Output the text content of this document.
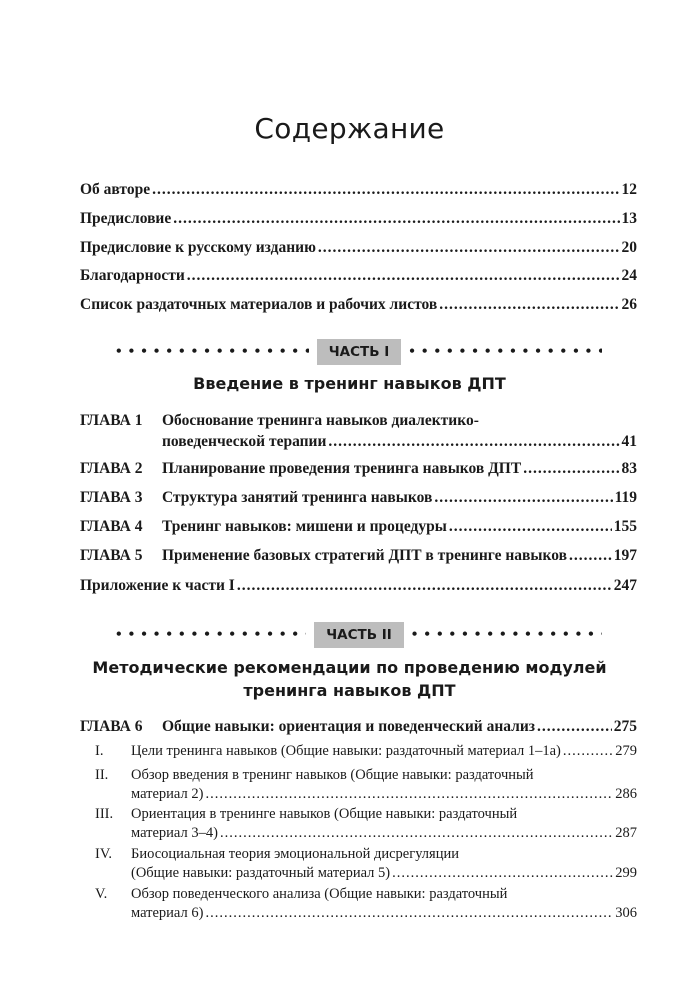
Содержание
Об авторе .....	12
Предисловие .....	13
Предисловие к русскому изданию .....	20
Благодарности .....	24
Список раздаточных материалов и рабочих листов .....	26
•••••
ЧАСТЬ I
•••••
Введение в тренинг навыков ДПТ
ГЛАВА 1 Обоснование тренинга навыков диалектико-
поведенческой терапии .....	41
ГЛАВА 2	Планирование проведения тренинга навыков ДПТ .....	83
ГЛАВА 3	Структура занятий тренинга навыков .....	119
ГЛАВА 4	Тренинг навыков: мишени и процедуры .....	155
ГЛАВА 5	Применение базовых стратегий ДПТ в тренинге навыков .....	197
Приложение к части I .....	247
•••••
ЧАСТЬ II
•••••
Методические рекомендации по проведению модулей
тренинга навыков ДПТ
ГЛАВА 6	Общие навыки: ориентация и поведенческий анализ .....	275
I.	Цели тренинга навыков (Общие навыки: раздаточный материал 1–1а) .....	279
II. Обзор введения в тренинг навыков (Общие навыки: раздаточный
материал 2) .....	286
III. Ориентация в тренинге навыков (Общие навыки: раздаточный
материал 3–4) .....	287
IV. Биосоциальная теория эмоциональной дисрегуляции
(Общие навыки: раздаточный материал 5) .....	299
V. Обзор поведенческого анализа (Общие навыки: раздаточный
материал 6) .....	306
